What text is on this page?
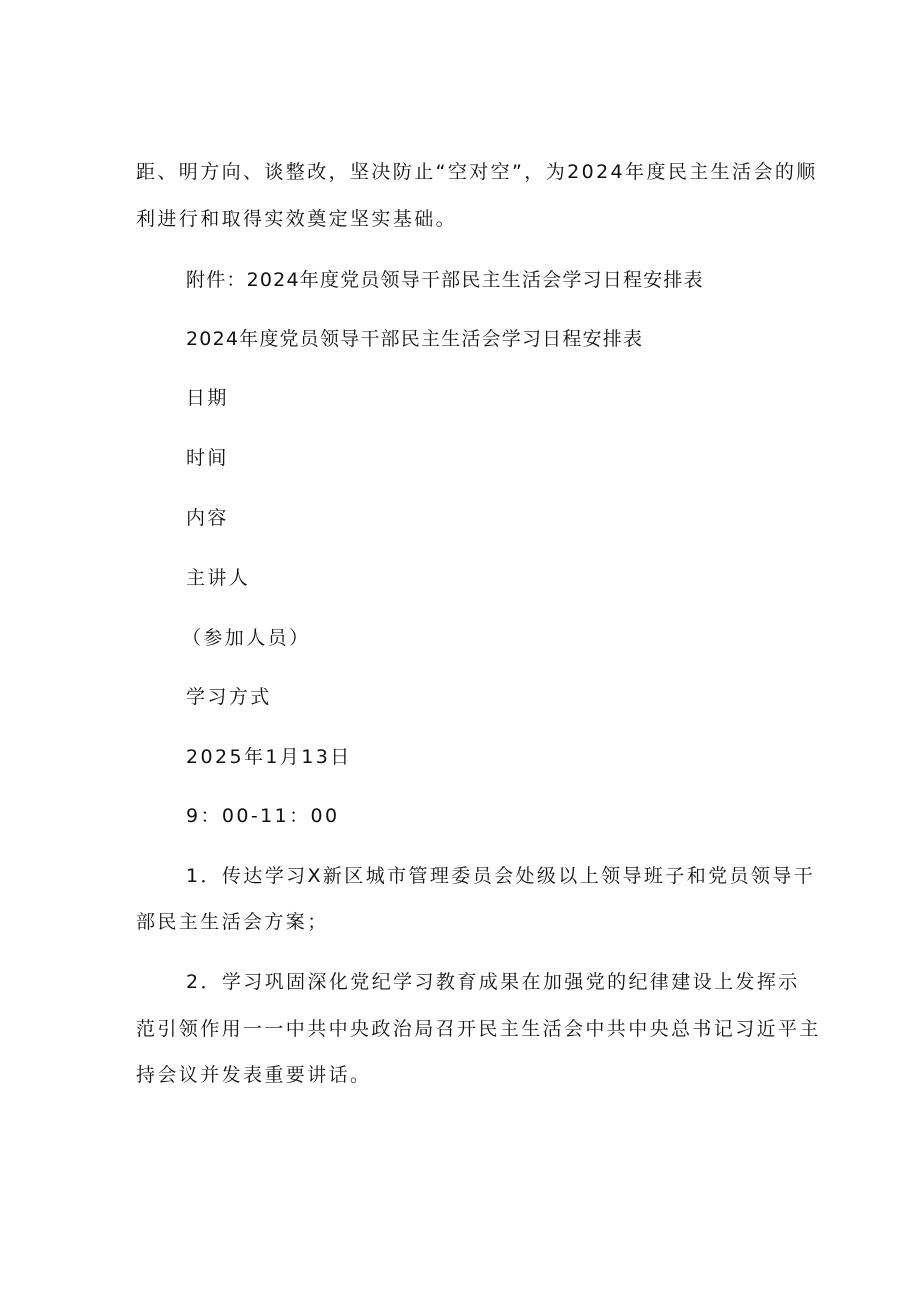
距、明方向、谈整改，坚决防止“空对空”，为2024年度民主生活会的顺

利进行和取得实效奠定坚实基础。

附件：2024年度党员领导干部民主生活会学习日程安排表

2024年度党员领导干部民主生活会学习日程安排表

日期

时间

内容

主讲人

（参加人员）

学习方式

2025年1月13日

9：00-11：00

1．传达学习X新区城市管理委员会处级以上领导班子和党员领导干

部民主生活会方案；

2．学习巩固深化党纪学习教育成果在加强党的纪律建设上发挥示

范引领作用一一中共中央政治局召开民主生活会中共中央总书记习近平主

持会议并发表重要讲话。
